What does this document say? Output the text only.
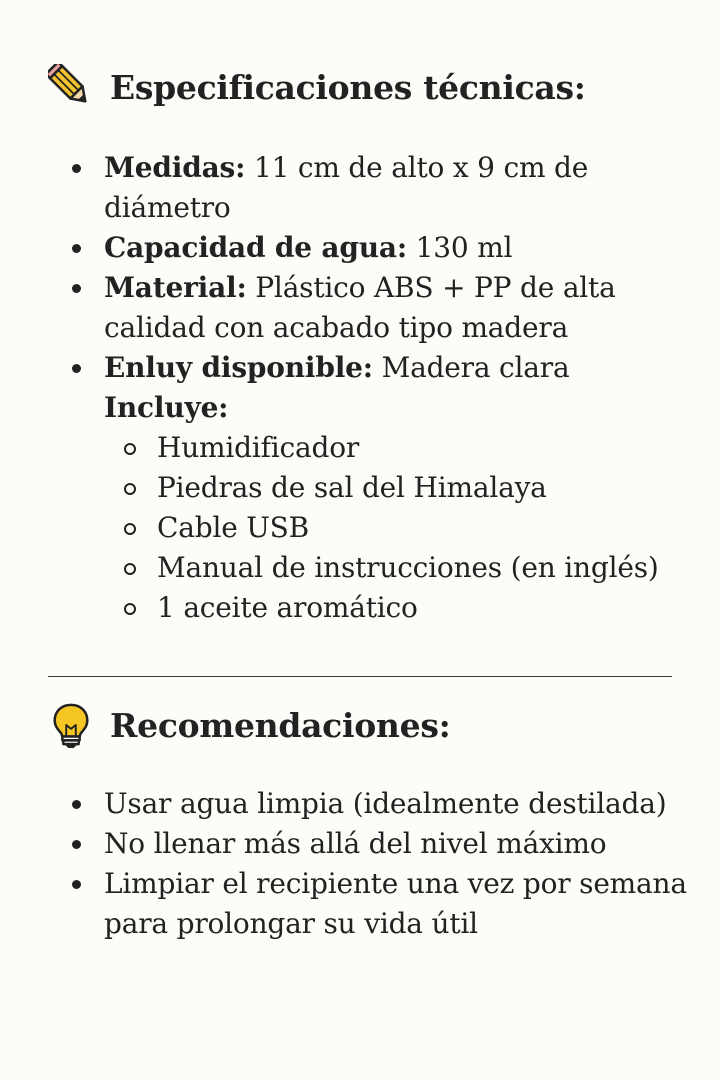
Especificaciones técnicas:
Medidas: 11 cm de alto x 9 cm de diámetro
Capacidad de agua: 130 ml
Material: Plástico ABS + PP de alta calidad con acabado tipo madera
Enluy disponible: Madera clara
Incluye:
Humidificador
Piedras de sal del Himalaya
Cable USB
Manual de instrucciones (en inglés)
1 aceite aromático
Recomendaciones:
Usar agua limpia (idealmente destilada)
No llenar más allá del nivel máximo
Limpiar el recipiente una vez por semana para prolongar su vida útil
